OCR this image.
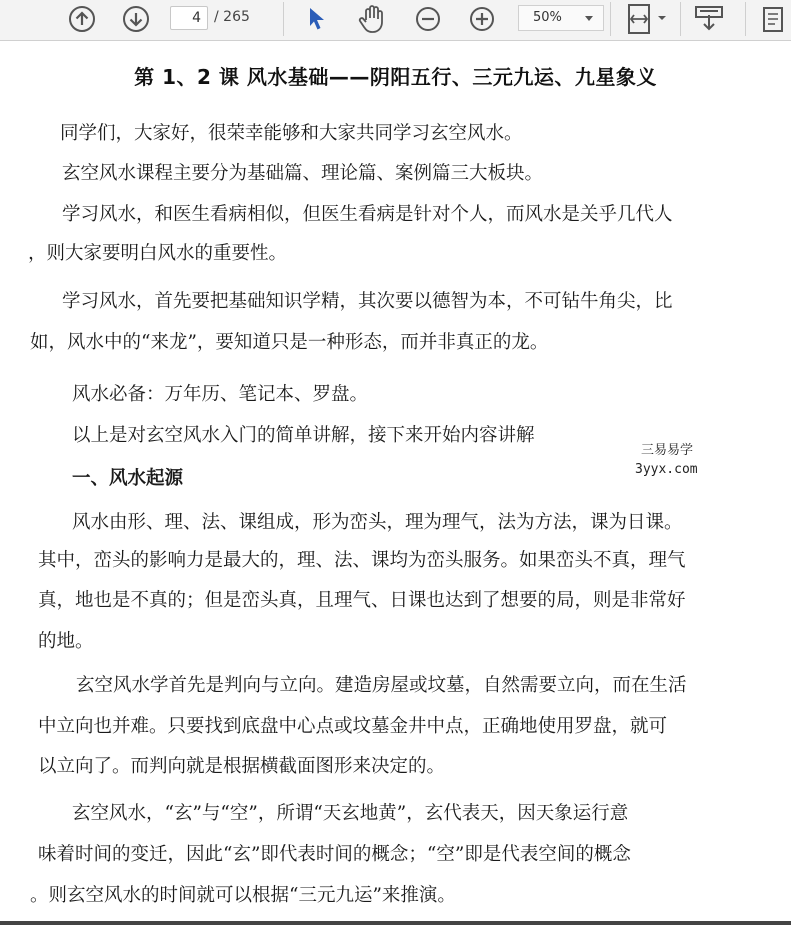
4 / 265	50%
第 1、2 课 风水基础——阴阳五行、三元九运、九星象义
同学们，大家好，很荣幸能够和大家共同学习玄空风水。
玄空风水课程主要分为基础篇、理论篇、案例篇三大板块。
学习风水，和医生看病相似，但医生看病是针对个人，而风水是关乎几代人
，则大家要明白风水的重要性。
学习风水，首先要把基础知识学精，其次要以德智为本，不可钻牛角尖，比
如，风水中的“来龙”，要知道只是一种形态，而并非真正的龙。
风水必备：万年历、笔记本、罗盘。
以上是对玄空风水入门的简单讲解，接下来开始内容讲解
一、风水起源
风水由形、理、法、课组成，形为峦头，理为理气，法为方法，课为日课。
其中，峦头的影响力是最大的，理、法、课均为峦头服务。如果峦头不真，理气
真，地也是不真的；但是峦头真，且理气、日课也达到了想要的局，则是非常好
的地。
玄空风水学首先是判向与立向。建造房屋或坟墓，自然需要立向，而在生活
中立向也并难。只要找到底盘中心点或坟墓金井中点，正确地使用罗盘，就可
以立向了。而判向就是根据横截面图形来决定的。
玄空风水，“玄”与“空”，所谓“天玄地黄”，玄代表天，因天象运行意
味着时间的变迁，因此“玄”即代表时间的概念；“空”即是代表空间的概念
。则玄空风水的时间就可以根据“三元九运”来推演。
三易易学
3yyx.com
